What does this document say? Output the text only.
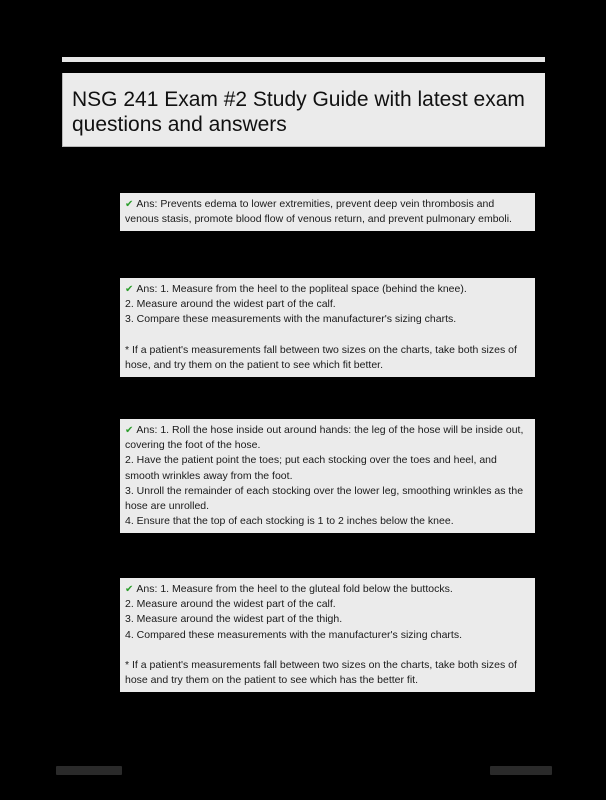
NSG 241 Exam #2 Study Guide with latest exam
questions and answers
✔ Ans: Prevents edema to lower extremities, prevent deep vein thrombosis and
venous stasis, promote blood flow of venous return, and prevent pulmonary emboli.
✔ Ans: 1. Measure from the heel to the popliteal space (behind the knee).
2. Measure around the widest part of the calf.
3. Compare these measurements with the manufacturer's sizing charts.
* If a patient's measurements fall between two sizes on the charts, take both sizes of
hose, and try them on the patient to see which fit better.
✔ Ans: 1. Roll the hose inside out around hands: the leg of the hose will be inside out,
covering the foot of the hose.
2. Have the patient point the toes; put each stocking over the toes and heel, and
smooth wrinkles away from the foot.
3. Unroll the remainder of each stocking over the lower leg, smoothing wrinkles as the
hose are unrolled.
4. Ensure that the top of each stocking is 1 to 2 inches below the knee.
✔ Ans: 1. Measure from the heel to the gluteal fold below the buttocks.
2. Measure around the widest part of the calf.
3. Measure around the widest part of the thigh.
4. Compared these measurements with the manufacturer's sizing charts.
* If a patient's measurements fall between two sizes on the charts, take both sizes of
hose and try them on the patient to see which has the better fit.
